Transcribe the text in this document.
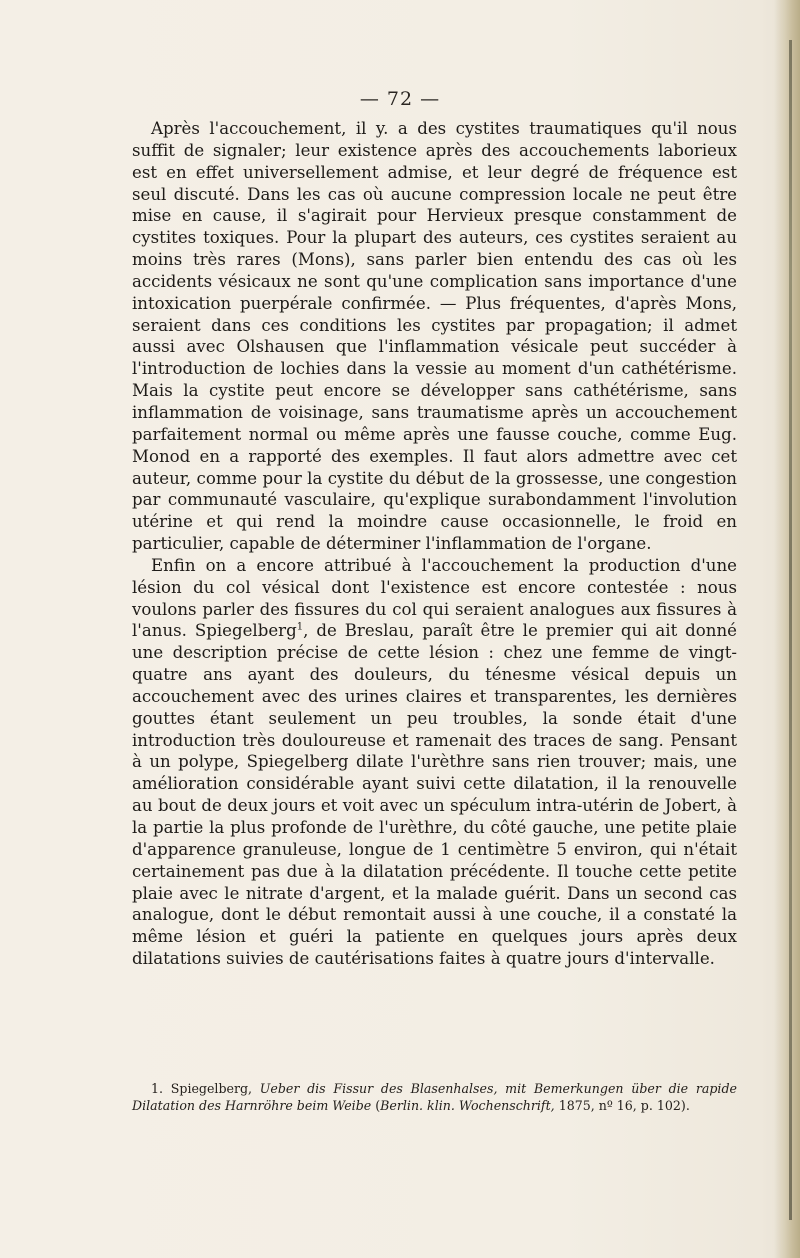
— 72 —

Après l'accouchement, il y. a des cystites traumatiques qu'il nous suffit de signaler; leur existence après des accouchements laborieux est en effet universellement admise, et leur degré de fréquence est seul discuté. Dans les cas où aucune compression locale ne peut être mise en cause, il s'agirait pour Hervieux presque constamment de cystites toxiques. Pour la plupart des auteurs, ces cystites seraient au moins très rares (Mons), sans parler bien entendu des cas où les accidents vésicaux ne sont qu'une complication sans importance d'une intoxication puerpérale confirmée. — Plus fréquentes, d'après Mons, seraient dans ces conditions les cystites par propagation; il admet aussi avec Olshausen que l'inflammation vésicale peut succéder à l'introduction de lochies dans la vessie au moment d'un cathétérisme. Mais la cystite peut encore se développer sans cathétérisme, sans inflammation de voisinage, sans traumatisme après un accouchement parfaitement normal ou même après une fausse couche, comme Eug. Monod en a rapporté des exemples. Il faut alors admettre avec cet auteur, comme pour la cystite du début de la grossesse, une congestion par communauté vasculaire, qu'explique surabondamment l'involution utérine et qui rend la moindre cause occasionnelle, le froid en particulier, capable de déterminer l'inflammation de l'organe.

Enfin on a encore attribué à l'accouchement la production d'une lésion du col vésical dont l'existence est encore contestée : nous voulons parler des fissures du col qui seraient analogues aux fissures à l'anus. Spiegelberg$^1$, de Breslau, paraît être le premier qui ait donné une description précise de cette lésion : chez une femme de vingt-quatre ans ayant des douleurs, du ténesme vésical depuis un accouchement avec des urines claires et transparentes, les dernières gouttes étant seulement un peu troubles, la sonde était d'une introduction très douloureuse et ramenait des traces de sang. Pensant à un polype, Spiegelberg dilate l'urèthre sans rien trouver; mais, une amélioration considérable ayant suivi cette dilatation, il la renouvelle au bout de deux jours et voit avec un spéculum intra-utérin de Jobert, à la partie la plus profonde de l'urèthre, du côté gauche, une petite plaie d'apparence granuleuse, longue de 1 centimètre 5 environ, qui n'était certainement pas due à la dilatation précédente. Il touche cette petite plaie avec le nitrate d'argent, et la malade guérit. Dans un second cas analogue, dont le début remontait aussi à une couche, il a constaté la même lésion et guéri la patiente en quelques jours après deux dilatations suivies de cautérisations faites à quatre jours d'intervalle.

1. Spiegelberg, Ueber dis Fissur des Blasenhalses, mit Bemerkungen über die rapide Dilatation des Harnröhre beim Weibe (Berlin. klin. Wochenschrift, 1875, nº 16, p. 102).
